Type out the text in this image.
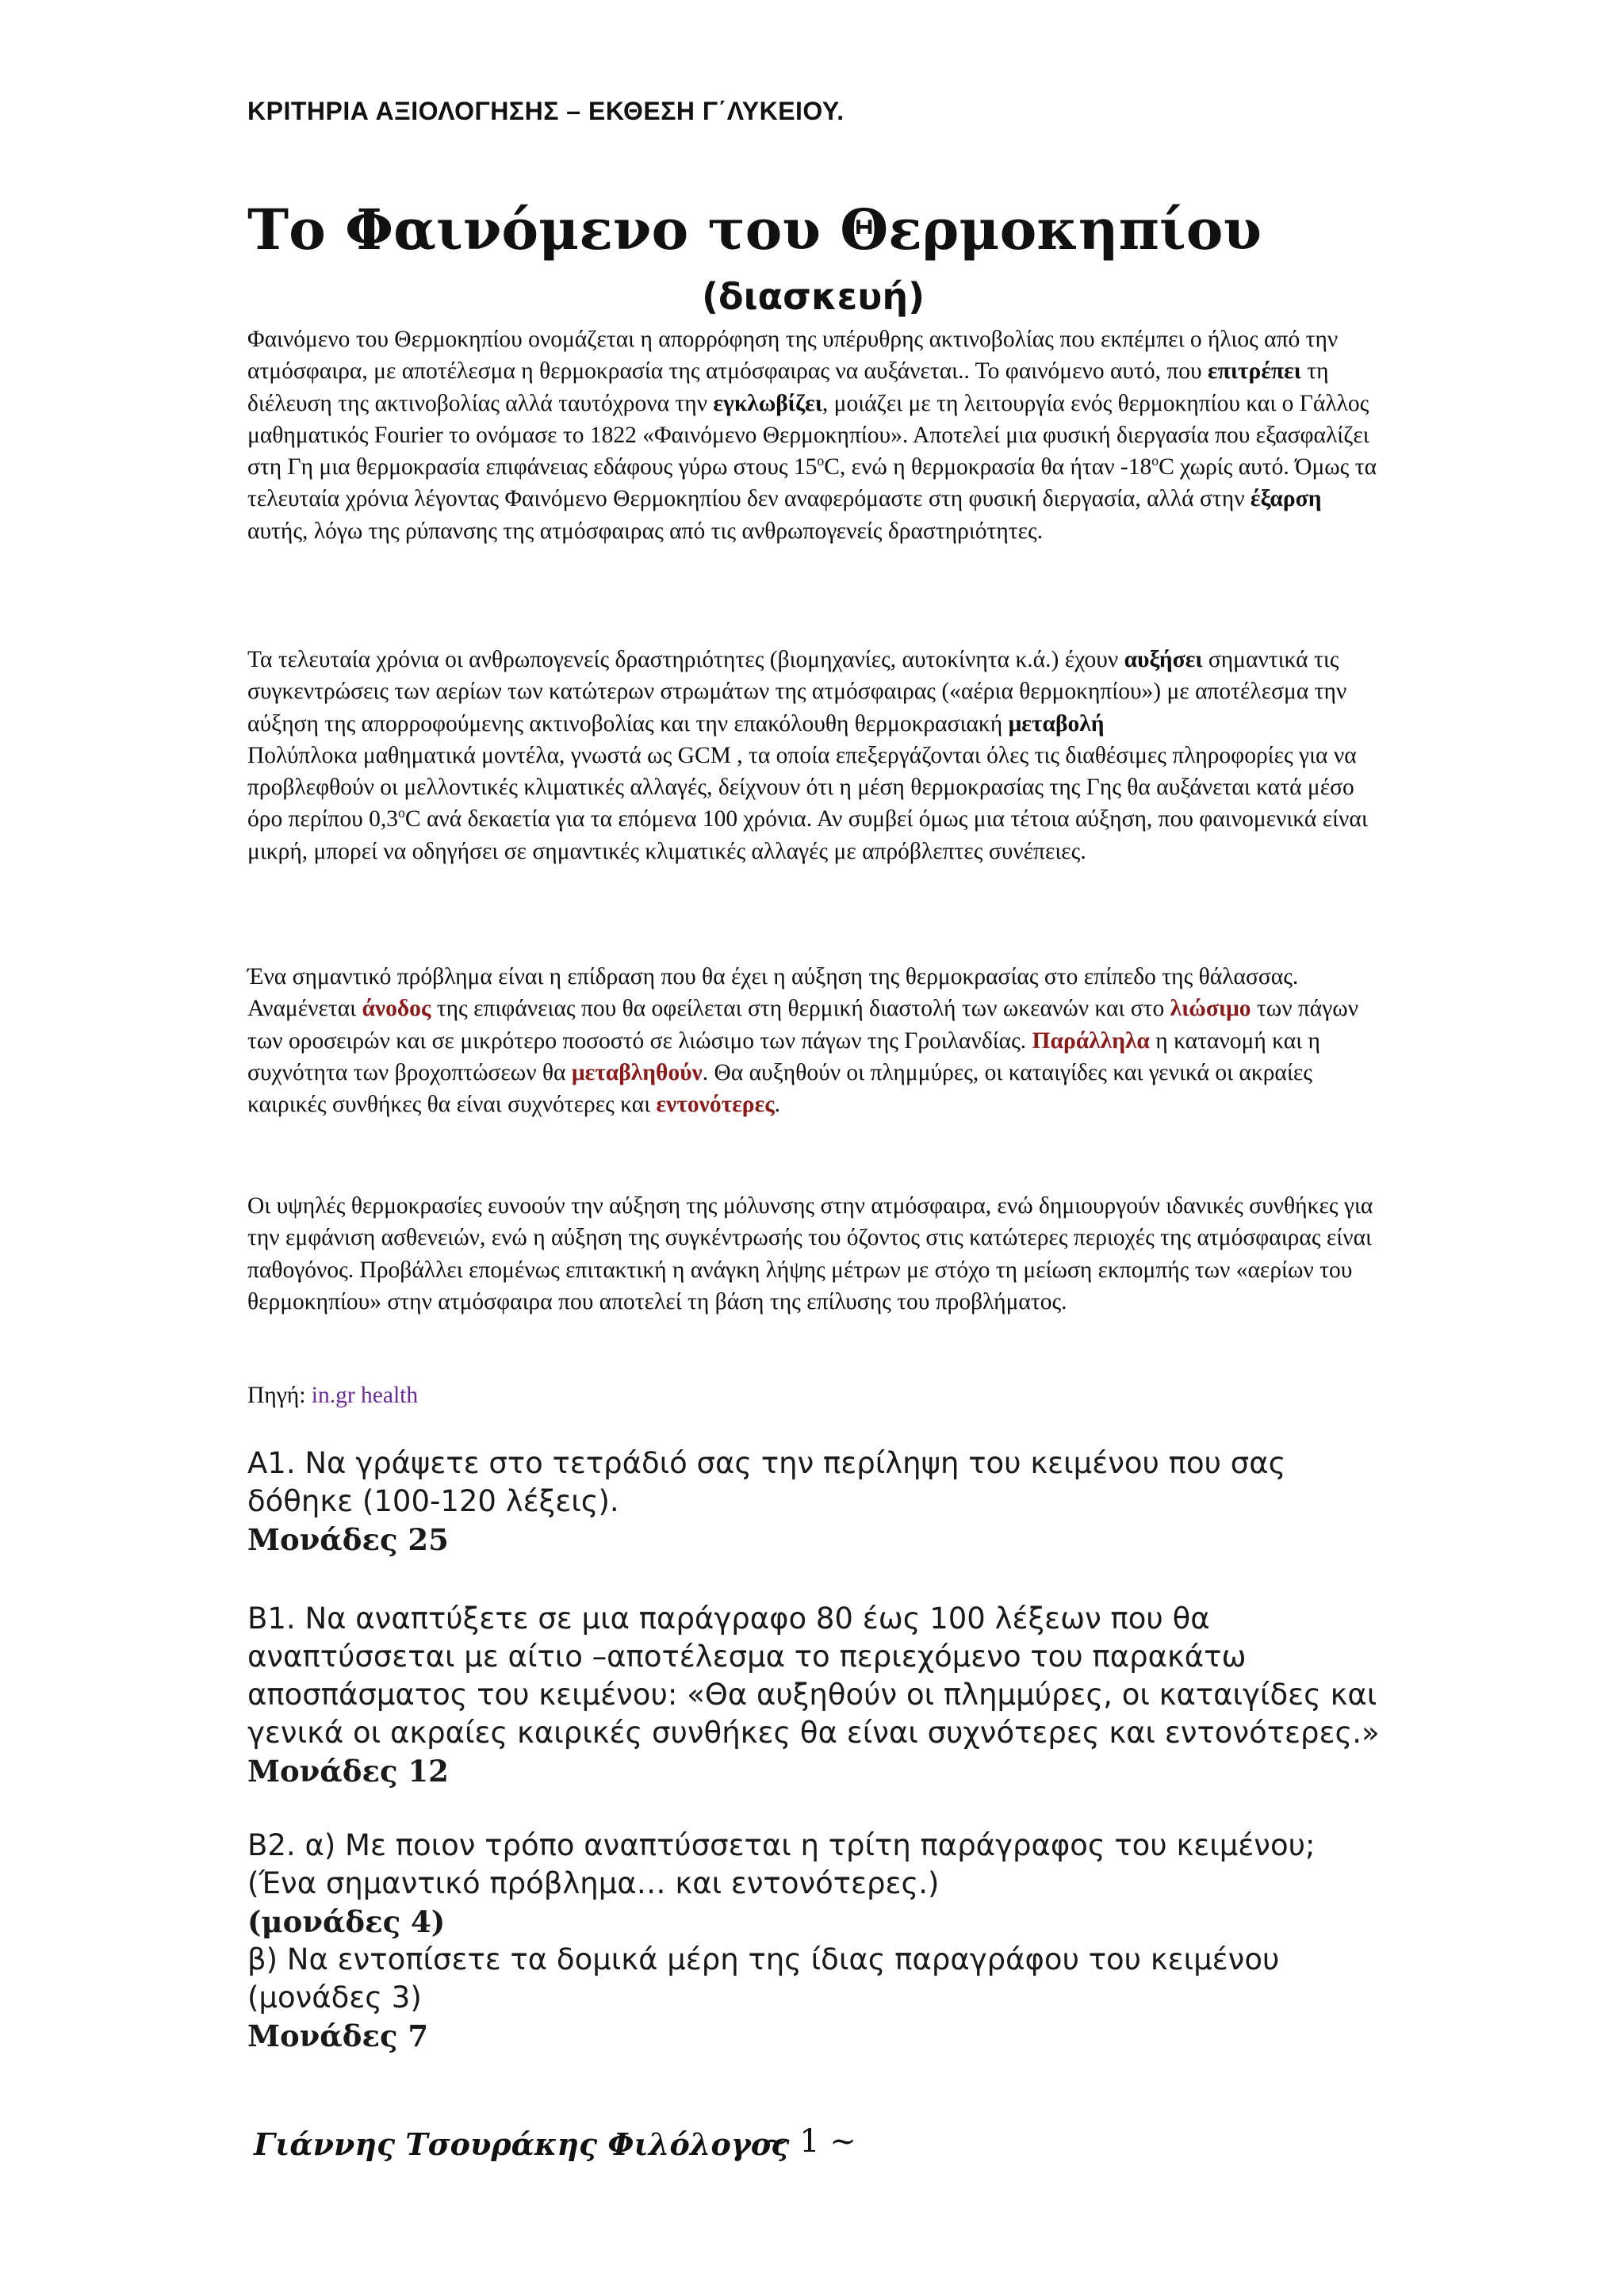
ΚΡΙΤΗΡΙΑ ΑΞΙΟΛΟΓΗΣΗΣ – ΕΚΘΕΣΗ Γ΄ΛΥΚΕΙΟΥ.
Το Φαινόμενο του Θερμοκηπίου
(διασκευή)
Φαινόμενο του Θερμοκηπίου ονομάζεται η απορρόφηση της υπέρυθρης ακτινοβολίας που εκπέμπει ο ήλιος από την ατμόσφαιρα, με αποτέλεσμα η θερμοκρασία της ατμόσφαιρας να αυξάνεται.. Το φαινόμενο αυτό, που επιτρέπει τη διέλευση της ακτινοβολίας αλλά ταυτόχρονα την εγκλωβίζει, μοιάζει με τη λειτουργία ενός θερμοκηπίου και ο Γάλλος μαθηματικός Fourier το ονόμασε το 1822 «Φαινόμενο Θερμοκηπίου». Αποτελεί μια φυσική διεργασία που εξασφαλίζει στη Γη μια θερμοκρασία επιφάνειας εδάφους γύρω στους $15^oC$, ενώ η θερμοκρασία θα ήταν $-18^oC$ χωρίς αυτό. Όμως τα τελευταία χρόνια λέγοντας Φαινόμενο Θερμοκηπίου δεν αναφερόμαστε στη φυσική διεργασία, αλλά στην έξαρση αυτής, λόγω της ρύπανσης της ατμόσφαιρας από τις ανθρωπογενείς δραστηριότητες.
Τα τελευταία χρόνια οι ανθρωπογενείς δραστηριότητες (βιομηχανίες, αυτοκίνητα κ.ά.) έχουν αυξήσει σημαντικά τις συγκεντρώσεις των αερίων των κατώτερων στρωμάτων της ατμόσφαιρας («αέρια θερμοκηπίου») με αποτέλεσμα την αύξηση της απορροφούμενης ακτινοβολίας και την επακόλουθη θερμοκρασιακή μεταβολή
Πολύπλοκα μαθηματικά μοντέλα, γνωστά ως GCM , τα οποία επεξεργάζονται όλες τις διαθέσιμες πληροφορίες για να προβλεφθούν οι μελλοντικές κλιματικές αλλαγές, δείχνουν ότι η μέση θερμοκρασίας της Γης θα αυξάνεται κατά μέσο όρο περίπου $0,3^oC$ ανά δεκαετία για τα επόμενα 100 χρόνια. Αν συμβεί όμως μια τέτοια αύξηση, που φαινομενικά είναι μικρή, μπορεί να οδηγήσει σε σημαντικές κλιματικές αλλαγές με απρόβλεπτες συνέπειες.
Ένα σημαντικό πρόβλημα είναι η επίδραση που θα έχει η αύξηση της θερμοκρασίας στο επίπεδο της θάλασσας. Αναμένεται άνοδος της επιφάνειας που θα οφείλεται στη θερμική διαστολή των ωκεανών και στο λιώσιμο των πάγων των οροσειρών και σε μικρότερο ποσοστό σε λιώσιμο των πάγων της Γροιλανδίας. Παράλληλα η κατανομή και η συχνότητα των βροχοπτώσεων θα μεταβληθούν. Θα αυξηθούν οι πλημμύρες, οι καταιγίδες και γενικά οι ακραίες καιρικές συνθήκες θα είναι συχνότερες και εντονότερες.
Οι υψηλές θερμοκρασίες ευνοούν την αύξηση της μόλυνσης στην ατμόσφαιρα, ενώ δημιουργούν ιδανικές συνθήκες για την εμφάνιση ασθενειών, ενώ η αύξηση της συγκέντρωσής του όζοντος στις κατώτερες περιοχές της ατμόσφαιρας είναι παθογόνος. Προβάλλει επομένως επιτακτική η ανάγκη λήψης μέτρων με στόχο τη μείωση εκπομπής των «αερίων του θερμοκηπίου» στην ατμόσφαιρα που αποτελεί τη βάση της επίλυσης του προβλήματος.
Πηγή: in.gr health
Α1. Να γράψετε στο τετράδιό σας την περίληψη του κειμένου που σας δόθηκε (100-120 λέξεις).
Μονάδες 25
Β1. Να αναπτύξετε σε μια παράγραφο 80 έως 100 λέξεων που θα αναπτύσσεται με αίτιο –αποτέλεσμα το περιεχόμενο του παρακάτω αποσπάσματος του κειμένου: «Θα αυξηθούν οι πλημμύρες, οι καταιγίδες και γενικά οι ακραίες καιρικές συνθήκες θα είναι συχνότερες και εντονότερες.»
Μονάδες 12
Β2. α) Με ποιον τρόπο αναπτύσσεται η τρίτη παράγραφος του κειμένου; (Ένα σημαντικό πρόβλημα… και εντονότερες.)
(μονάδες 4)
β) Να εντοπίσετε τα δομικά μέρη της ίδιας παραγράφου του κειμένου (μονάδες 3)
Μονάδες 7
Γιάννης Τσουράκης Φιλόλογος
~ 1 ~
